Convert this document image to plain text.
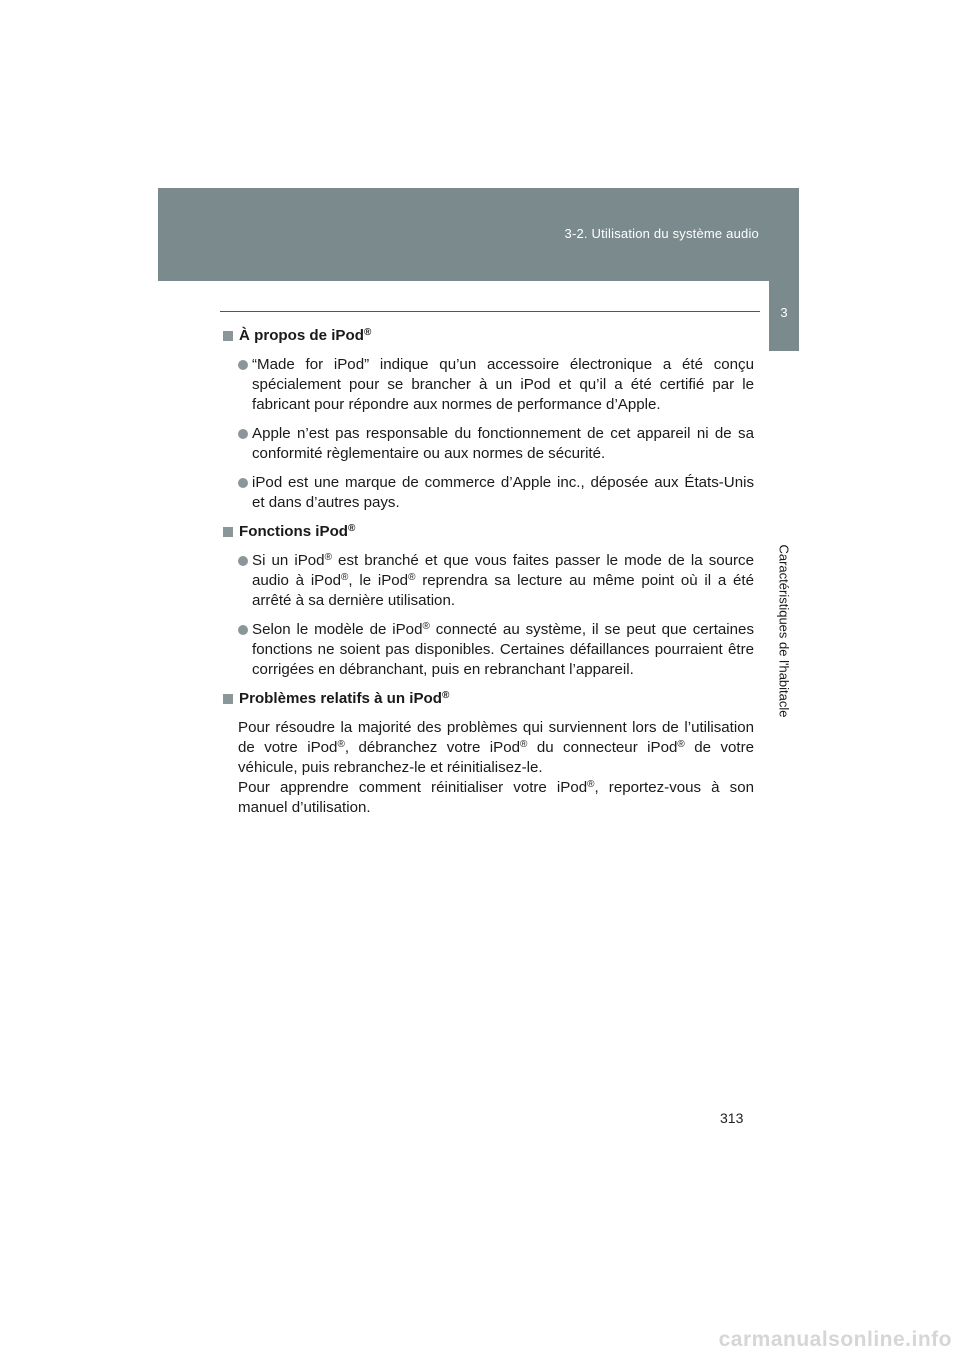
3-2. Utilisation du système audio
3
Caractéristiques de l'habitacle
À propos de iPod®
“Made for iPod” indique qu’un accessoire électronique a été conçu spécialement pour se brancher à un iPod et qu’il a été certifié par le fabricant pour répondre aux normes de performance d’Apple.
Apple n’est pas responsable du fonctionnement de cet appareil ni de sa conformité règlementaire ou aux normes de sécurité.
iPod est une marque de commerce d’Apple inc., déposée aux États-Unis et dans d’autres pays.
Fonctions iPod®
Si un iPod® est branché et que vous faites passer le mode de la source audio à iPod®, le iPod® reprendra sa lecture au même point où il a été arrêté à sa dernière utilisation.
Selon le modèle de iPod® connecté au système, il se peut que certaines fonctions ne soient pas disponibles. Certaines défaillances pourraient être corrigées en débranchant, puis en rebranchant l’appareil.
Problèmes relatifs à un iPod®
Pour résoudre la majorité des problèmes qui surviennent lors de l’utilisation de votre iPod®, débranchez votre iPod® du connecteur iPod® de votre véhicule, puis rebranchez-le et réinitialisez-le.
Pour apprendre comment réinitialiser votre iPod®, reportez-vous à son manuel d’utilisation.
313
carmanualsonline.info
